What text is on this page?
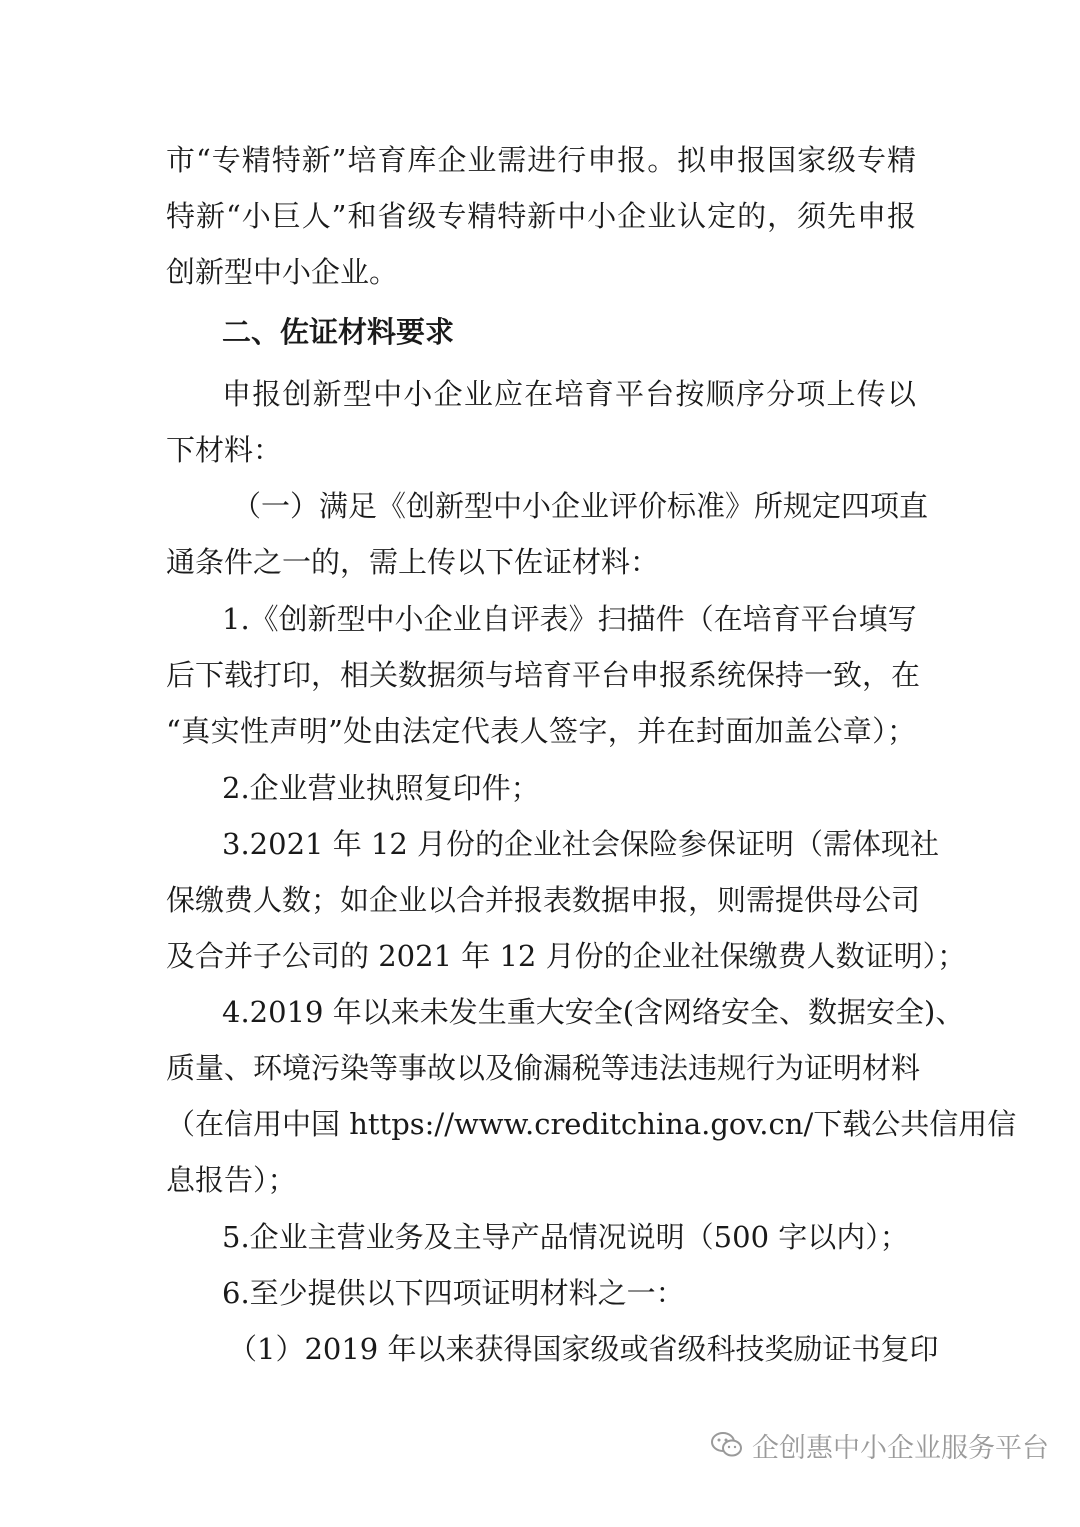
市“专精特新”培育库企业需进行申报。拟申报国家级专精
特新“小巨人”和省级专精特新中小企业认定的，须先申报
创新型中小企业。
二、佐证材料要求
申报创新型中小企业应在培育平台按顺序分项上传以
下材料：
（一）满足《创新型中小企业评价标准》所规定四项直
通条件之一的，需上传以下佐证材料：
1.《创新型中小企业自评表》扫描件（在培育平台填写
后下载打印，相关数据须与培育平台申报系统保持一致，在
“真实性声明”处由法定代表人签字，并在封面加盖公章）；
2.企业营业执照复印件；
3.2021 年 12 月份的企业社会保险参保证明（需体现社
保缴费人数；如企业以合并报表数据申报，则需提供母公司
及合并子公司的 2021 年 12 月份的企业社保缴费人数证明）；
4.2019 年以来未发生重大安全(含网络安全、数据安全)、
质量、环境污染等事故以及偷漏税等违法违规行为证明材料
（在信用中国 https://www.creditchina.gov.cn/下载公共信用信
息报告）；
5.企业主营业务及主导产品情况说明（500 字以内）；
6.至少提供以下四项证明材料之一：
（1）2019 年以来获得国家级或省级科技奖励证书复印
企创惠中小企业服务平台
